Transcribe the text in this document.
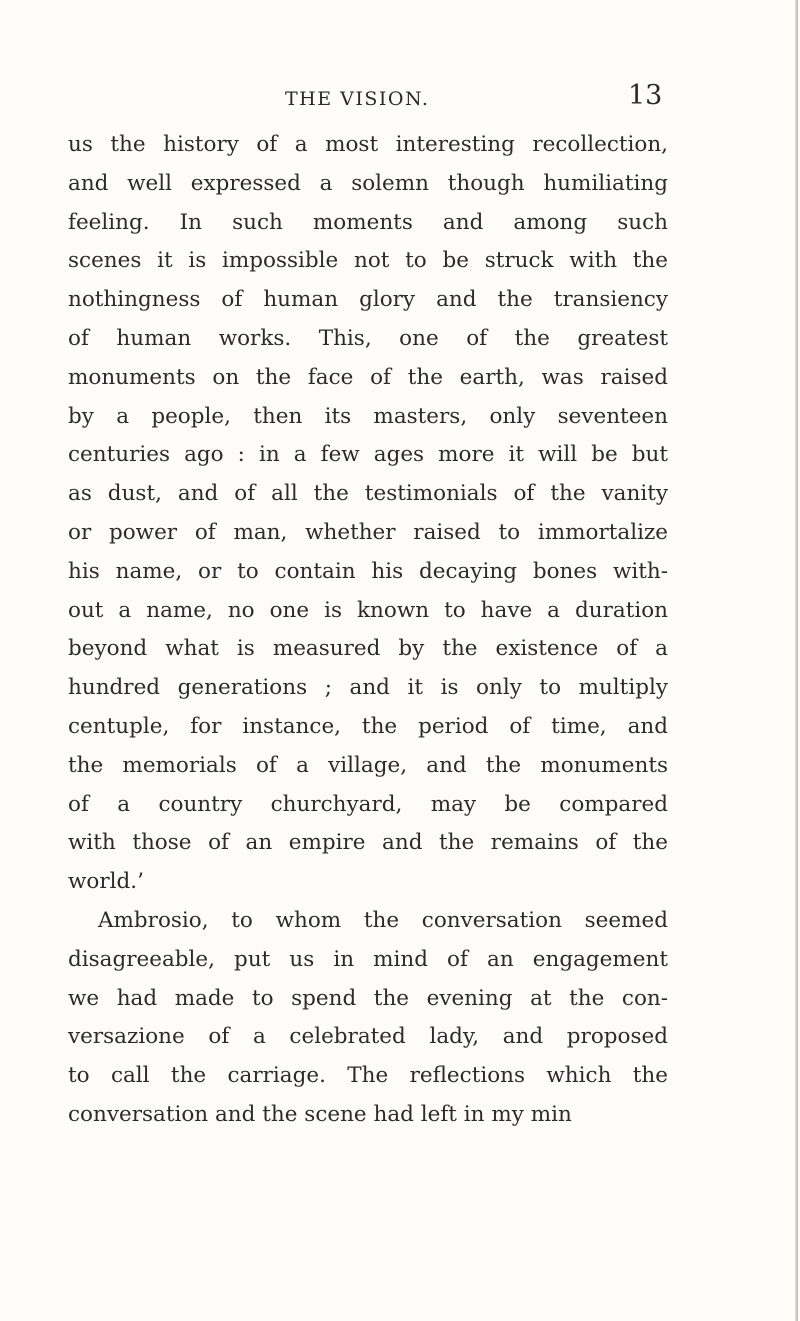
THE VISION.	13
us the history of a most interesting recollection,
and well expressed a solemn though humiliating
feeling. In such moments and among such
scenes it is impossible not to be struck with the
nothingness of human glory and the transiency
of human works. This, one of the greatest
monuments on the face of the earth, was raised
by a people, then its masters, only seventeen
centuries ago : in a few ages more it will be but
as dust, and of all the testimonials of the vanity
or power of man, whether raised to immortalize
his name, or to contain his decaying bones with-
out a name, no one is known to have a duration
beyond what is measured by the existence of a
hundred generations ; and it is only to multiply
centuple, for instance, the period of time, and
the memorials of a village, and the monuments
of a country churchyard, may be compared
with those of an empire and the remains of the
world.’
Ambrosio, to whom the conversation seemed
disagreeable, put us in mind of an engagement
we had made to spend the evening at the con-
versazione of a celebrated lady, and proposed
to call the carriage. The reflections which the
conversation and the scene had left in my min
